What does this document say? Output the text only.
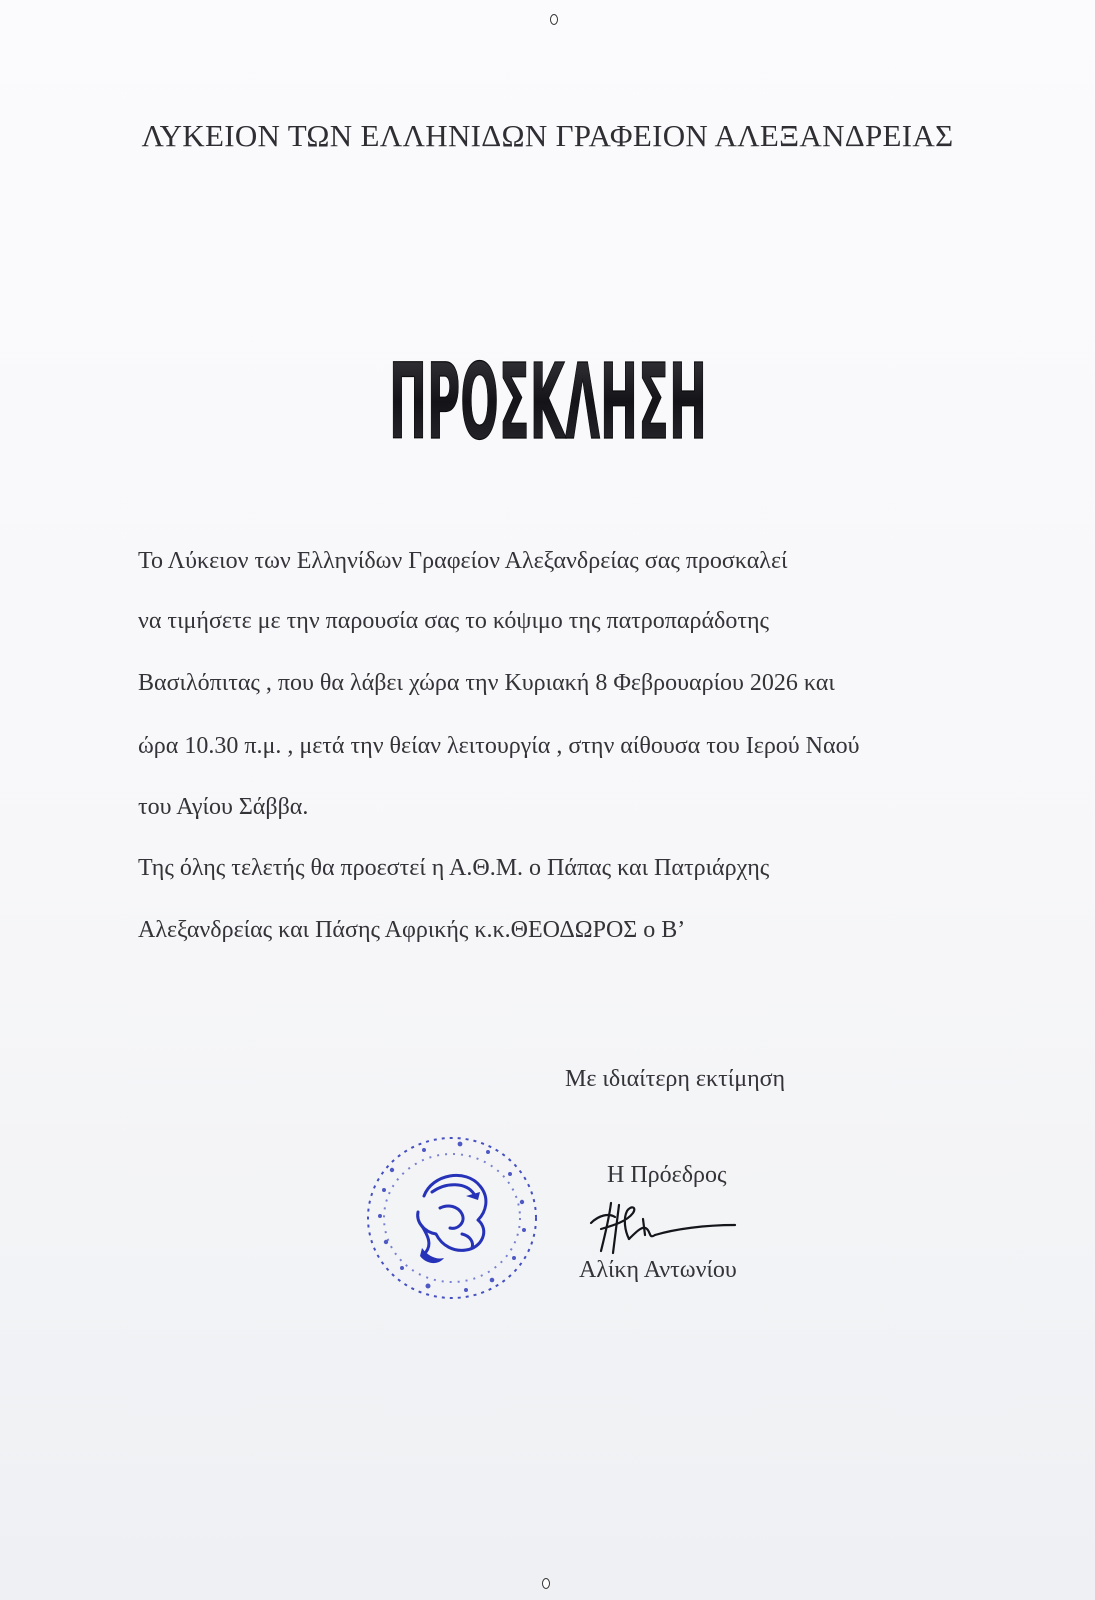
ΛΥΚΕΙΟΝ ΤΩΝ ΕΛΛΗΝΙΔΩΝ ΓΡΑΦΕΙΟΝ ΑΛΕΞΑΝΔΡΕΙΑΣ
ΠΡΟΣΚΛΗΣΗ
Το Λύκειον των Ελληνίδων Γραφείον Αλεξανδρείας σας προσκαλεί
να τιμήσετε με την παρουσία σας το κόψιμο της πατροπαράδοτης
Βασιλόπιτας , που θα λάβει χώρα την Κυριακή 8 Φεβρουαρίου 2026 και
ώρα 10.30 π.μ. , μετά την θείαν λειτουργία , στην αίθουσα του Ιερού Ναού
του Αγίου Σάββα.
Της όλης τελετής θα προεστεί η Α.Θ.Μ. ο Πάπας και Πατριάρχης
Αλεξανδρείας και Πάσης Αφρικής κ.κ.ΘΕΟΔΩΡΟΣ ο Β’
Με ιδιαίτερη εκτίμηση
Η Πρόεδρος
Αλίκη Αντωνίου
